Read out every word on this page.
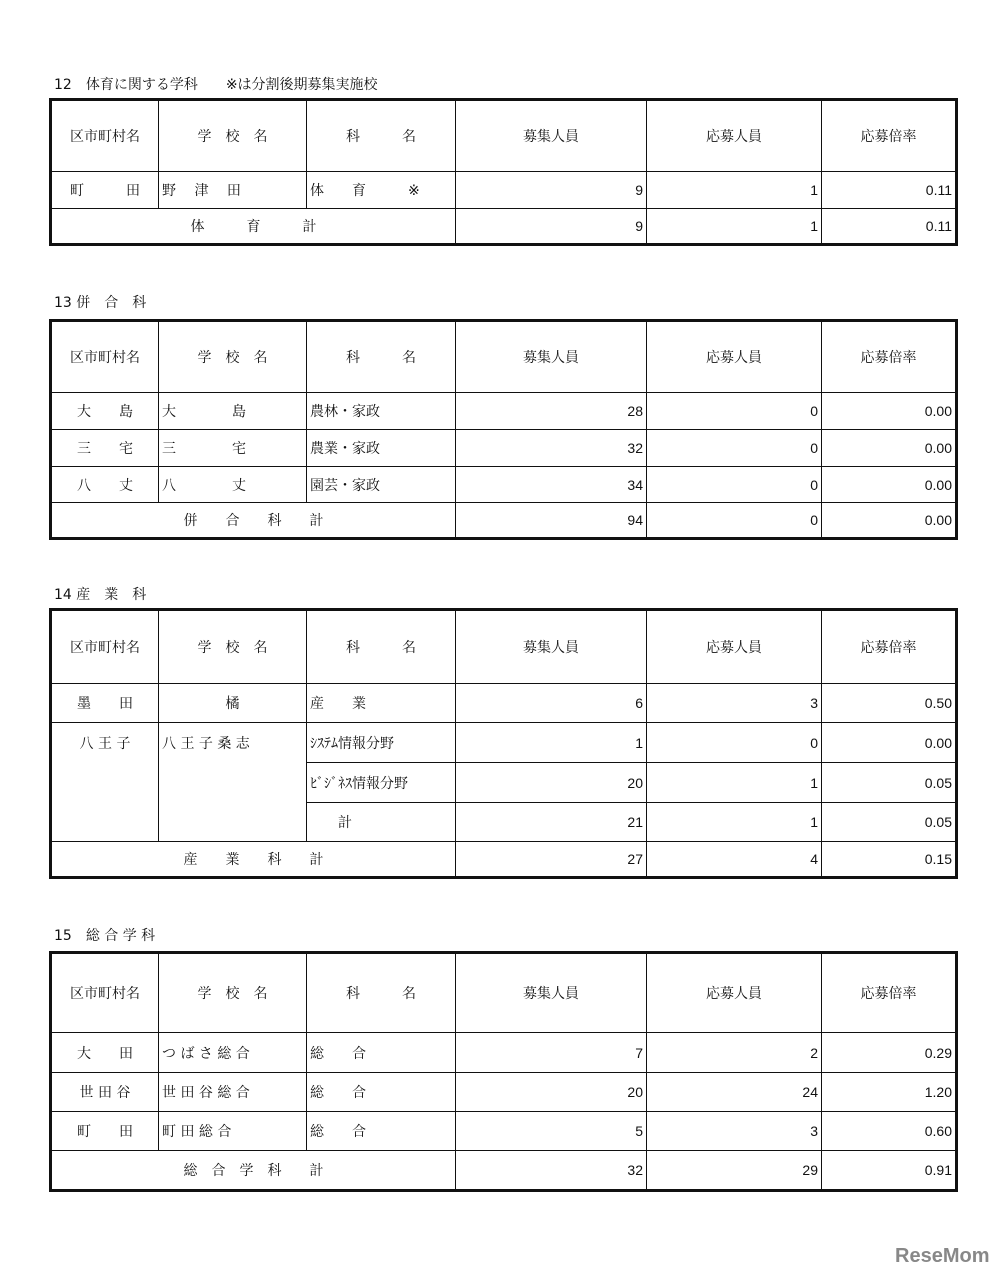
12　体育に関する学科　　※は分割後期募集実施校
区市町村名	学　校　名	科　　　名	募集人員	応募人員	応募倍率
町　　　田	野　 津　 田	体　　育　　　※	9	1	0.11
体　　　育　　　計			9	1	0.11
13 併　合　科
区市町村名	学　校　名	科　　　名	募集人員	応募人員	応募倍率
大　　島	大　　　　島	農林・家政	28	0	0.00
三　　宅	三　　　　宅	農業・家政	32	0	0.00
八　　丈	八　　　　丈	園芸・家政	34	0	0.00
併　　合　　科　　計			94	0	0.00
14 産　業　科
区市町村名	学　校　名	科　　　名	募集人員	応募人員	応募倍率
墨　　田	橘	産　　業	6	3	0.50
八 王 子	八 王 子 桑 志	ｼｽﾃﾑ情報分野	1	0	0.00
		ﾋﾞｼﾞﾈｽ情報分野	20	1	0.05
		　　計	21	1	0.05
産　　業　　科　　計			27	4	0.15
15　総 合 学 科
区市町村名	学　校　名	科　　　名	募集人員	応募人員	応募倍率
大　　田	つ ば さ 総 合	総　　合	7	2	0.29
世 田 谷	世 田 谷 総 合	総　　合	20	24	1.20
町　　田	町 田 総 合	総　　合	5	3	0.60
総　合　学　科　　計			32	29	0.91
ReseMom
